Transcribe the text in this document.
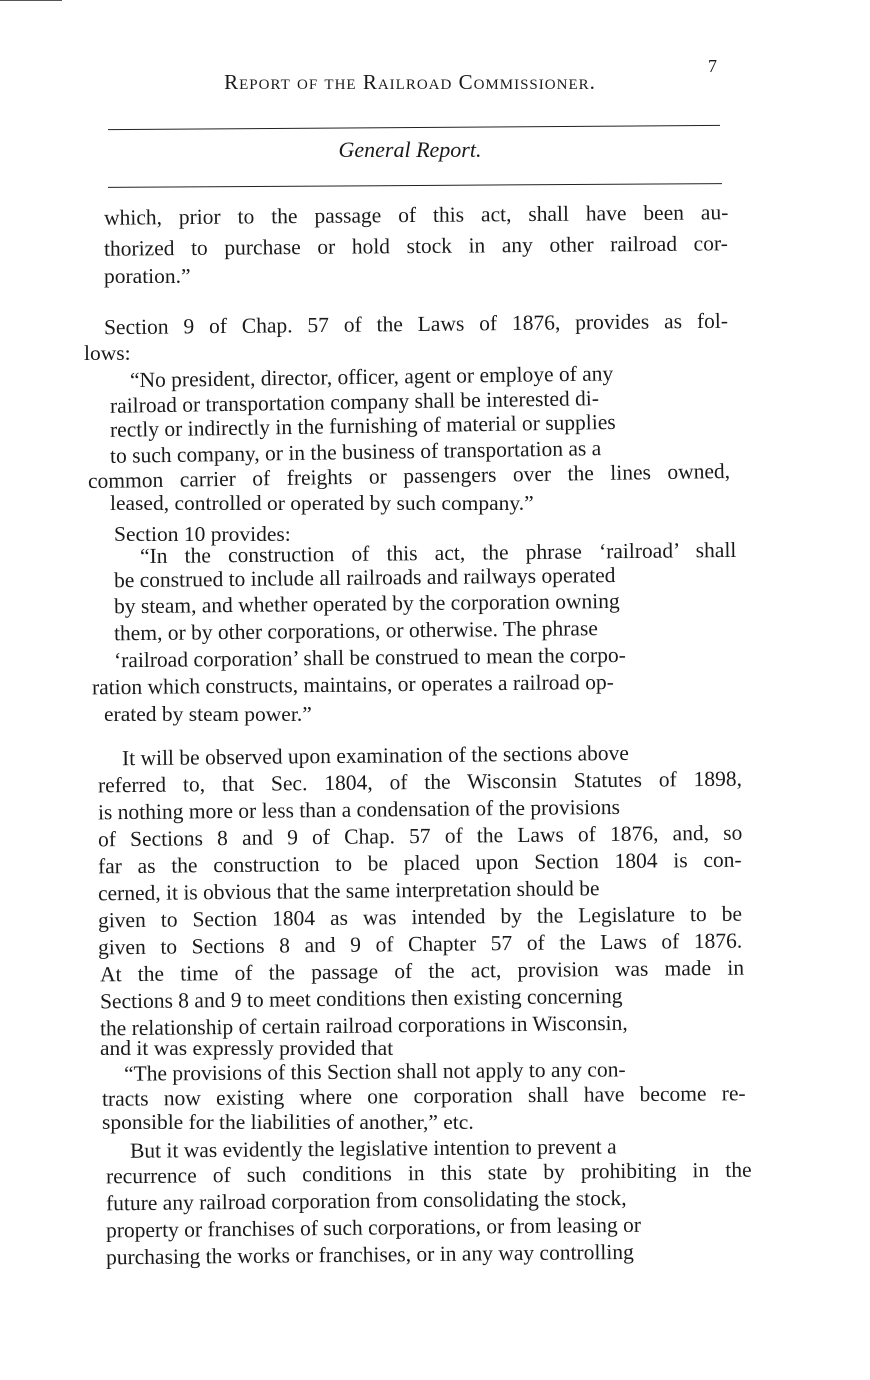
Report of the Railroad Commissioner.
7
General Report.
which, prior to the passage of this act, shall have been au-
thorized to purchase or hold stock in any other railroad cor-
poration.”
Section 9 of Chap. 57 of the Laws of 1876, provides as fol-
lows:
“No president, director, officer, agent or employe of any
railroad or transportation company shall be interested di-
rectly or indirectly in the furnishing of material or supplies
to such company, or in the business of transportation as a
common carrier of freights or passengers over the lines owned,
leased, controlled or operated by such company.”
Section 10 provides:
“In the construction of this act, the phrase ‘railroad’ shall
be construed to include all railroads and railways operated
by steam, and whether operated by the corporation owning
them, or by other corporations, or otherwise. The phrase
‘railroad corporation’ shall be construed to mean the corpo-
ration which constructs, maintains, or operates a railroad op-
erated by steam power.”
It will be observed upon examination of the sections above
referred to, that Sec. 1804, of the Wisconsin Statutes of 1898,
is nothing more or less than a condensation of the provisions
of Sections 8 and 9 of Chap. 57 of the Laws of 1876, and, so
far as the construction to be placed upon Section 1804 is con-
cerned, it is obvious that the same interpretation should be
given to Section 1804 as was intended by the Legislature to be
given to Sections 8 and 9 of Chapter 57 of the Laws of 1876.
At the time of the passage of the act, provision was made in
Sections 8 and 9 to meet conditions then existing concerning
the relationship of certain railroad corporations in Wisconsin,
and it was expressly provided that
“The provisions of this Section shall not apply to any con-
tracts now existing where one corporation shall have become re-
sponsible for the liabilities of another,” etc.
But it was evidently the legislative intention to prevent a
recurrence of such conditions in this state by prohibiting in the
future any railroad corporation from consolidating the stock,
property or franchises of such corporations, or from leasing or
purchasing the works or franchises, or in any way controlling
